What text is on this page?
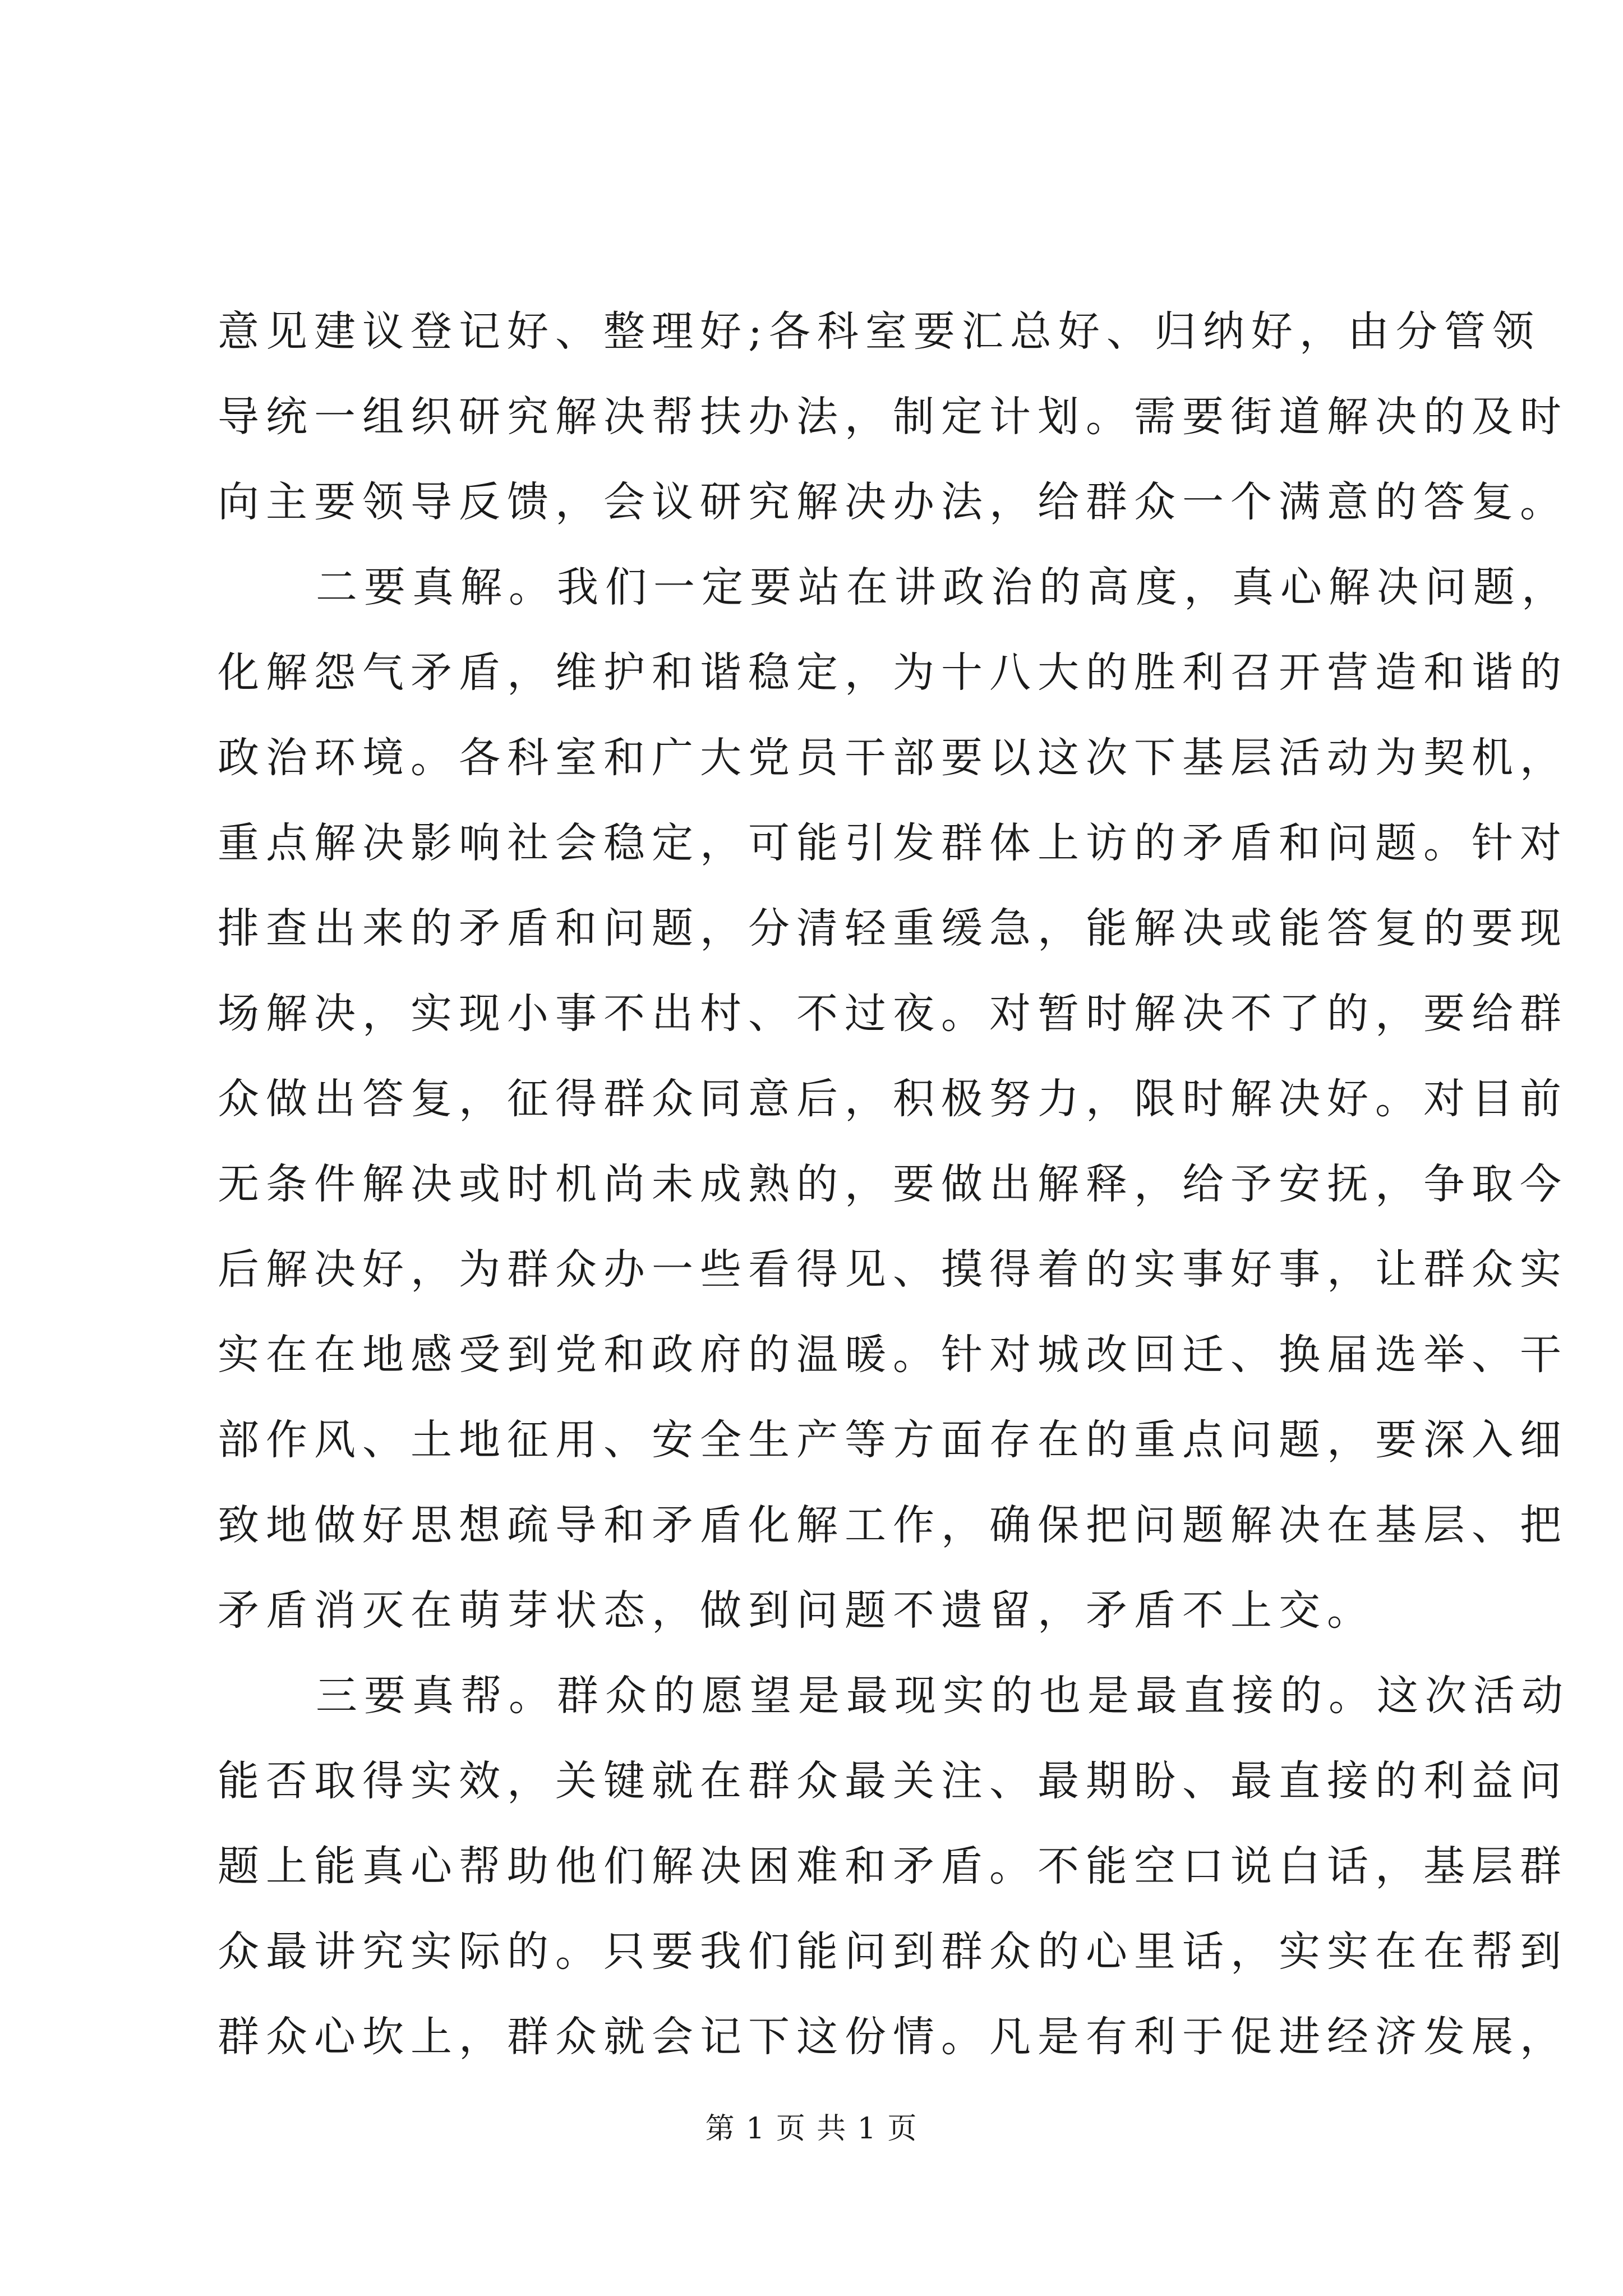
意见建议登记好、整理好;各科室要汇总好、归纳好，由分管领
导统一组织研究解决帮扶办法，制定计划。需要街道解决的及时
向主要领导反馈，会议研究解决办法，给群众一个满意的答复。
二要真解。我们一定要站在讲政治的高度，真心解决问题，
化解怨气矛盾，维护和谐稳定，为十八大的胜利召开营造和谐的
政治环境。各科室和广大党员干部要以这次下基层活动为契机，
重点解决影响社会稳定，可能引发群体上访的矛盾和问题。针对
排查出来的矛盾和问题，分清轻重缓急，能解决或能答复的要现
场解决，实现小事不出村、不过夜。对暂时解决不了的，要给群
众做出答复，征得群众同意后，积极努力，限时解决好。对目前
无条件解决或时机尚未成熟的，要做出解释，给予安抚，争取今
后解决好，为群众办一些看得见、摸得着的实事好事，让群众实
实在在地感受到党和政府的温暖。针对城改回迁、换届选举、干
部作风、土地征用、安全生产等方面存在的重点问题，要深入细
致地做好思想疏导和矛盾化解工作，确保把问题解决在基层、把
矛盾消灭在萌芽状态，做到问题不遗留，矛盾不上交。
三要真帮。群众的愿望是最现实的也是最直接的。这次活动
能否取得实效，关键就在群众最关注、最期盼、最直接的利益问
题上能真心帮助他们解决困难和矛盾。不能空口说白话，基层群
众最讲究实际的。只要我们能问到群众的心里话，实实在在帮到
群众心坎上，群众就会记下这份情。凡是有利于促进经济发展，
第 1 页 共 1 页
